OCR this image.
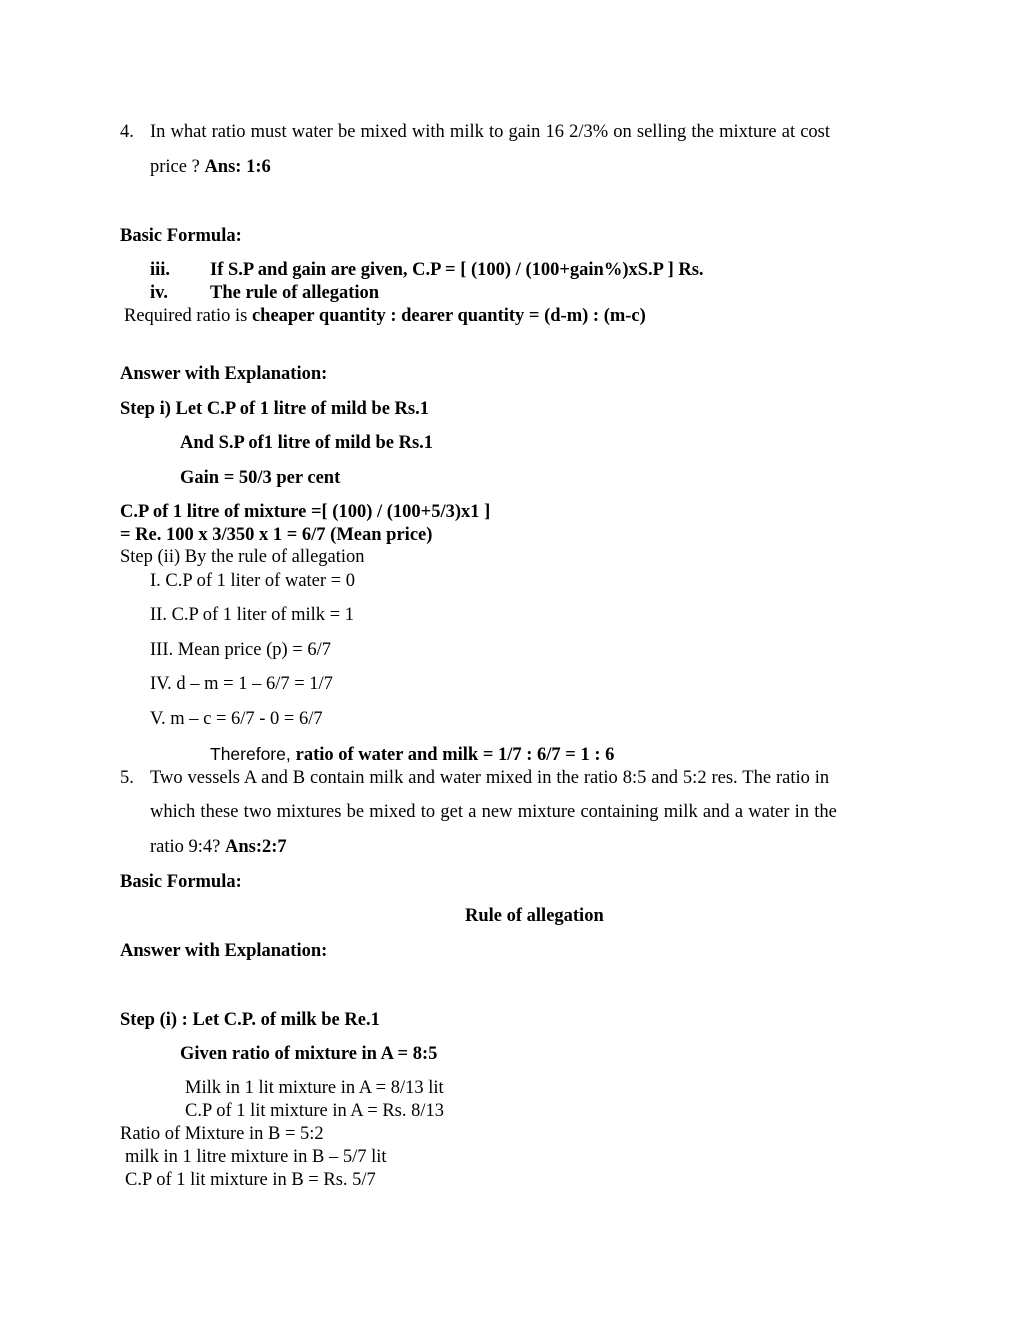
4. In what ratio must water be mixed with milk to gain 16 2/3% on selling the mixture at cost
price ? Ans: 1:6
Basic Formula:
iii. If S.P and gain are given, C.P = [ (100) / (100+gain%)xS.P ] Rs.
iv. The rule of allegation
Required ratio is cheaper quantity : dearer quantity = (d-m) : (m-c)
Answer with Explanation:
Step i) Let C.P of 1 litre of mild be Rs.1
And S.P of1 litre of mild be Rs.1
Gain = 50/3 per cent
C.P of 1 litre of mixture =[ (100) / (100+5/3)x1 ]
= Re. 100 x 3/350 x 1 = 6/7 (Mean price)
Step (ii) By the rule of allegation
I. C.P of 1 liter of water = 0
II. C.P of 1 liter of milk = 1
III. Mean price (p) = 6/7
IV. d – m = 1 – 6/7 = 1/7
V. m – c = 6/7 - 0 = 6/7
Therefore, ratio of water and milk = 1/7 : 6/7 = 1 : 6
5. Two vessels A and B contain milk and water mixed in the ratio 8:5 and 5:2 res. The ratio in
which these two mixtures be mixed to get a new mixture containing milk and a water in the
ratio 9:4? Ans:2:7
Basic Formula:
Rule of allegation
Answer with Explanation:
Step (i) : Let C.P. of milk be Re.1
Given ratio of mixture in A = 8:5
Milk in 1 lit mixture in A = 8/13 lit
C.P of 1 lit mixture in A = Rs. 8/13
Ratio of Mixture in B = 5:2
milk in 1 litre mixture in B – 5/7 lit
C.P of 1 lit mixture in B = Rs. 5/7
